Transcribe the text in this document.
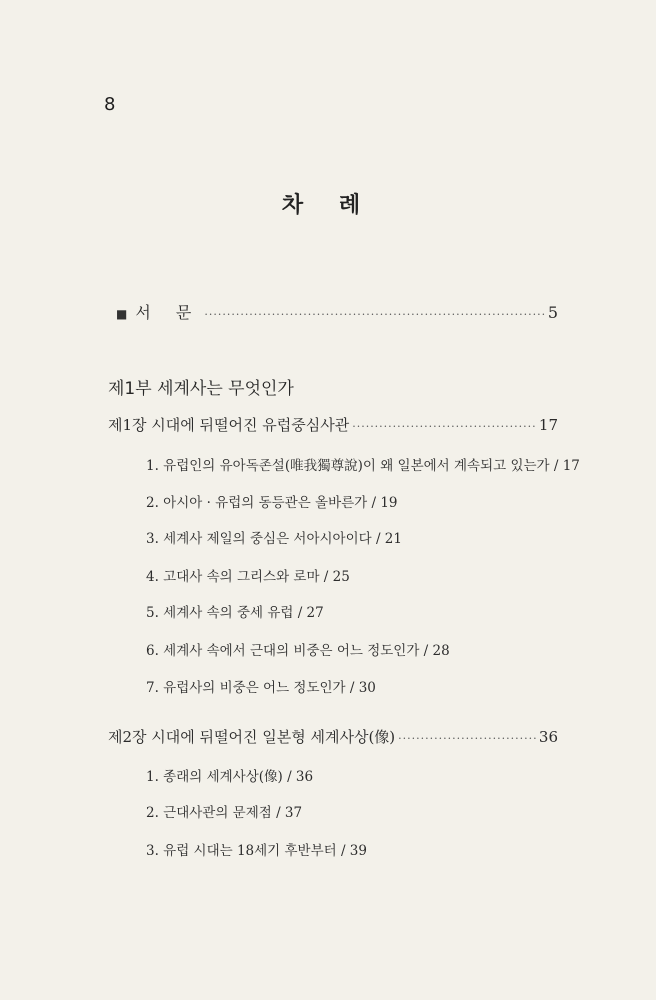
8
차 례
■ 서 문 ·····	5
제1부 세계사는 무엇인가
제1장 시대에 뒤떨어진 유럽중심사관 ·····	17
1. 유럽인의 유아독존설(唯我獨尊說)이 왜 일본에서 계속되고 있는가 / 17
2. 아시아 · 유럽의 동등관은 올바른가 / 19
3. 세계사 제일의 중심은 서아시아이다 / 21
4. 고대사 속의 그리스와 로마 / 25
5. 세계사 속의 중세 유럽 / 27
6. 세계사 속에서 근대의 비중은 어느 정도인가 / 28
7. 유럽사의 비중은 어느 정도인가 / 30
제2장 시대에 뒤떨어진 일본형 세계사상(像) ·····	36
1. 종래의 세계사상(像) / 36
2. 근대사관의 문제점 / 37
3. 유럽 시대는 18세기 후반부터 / 39
